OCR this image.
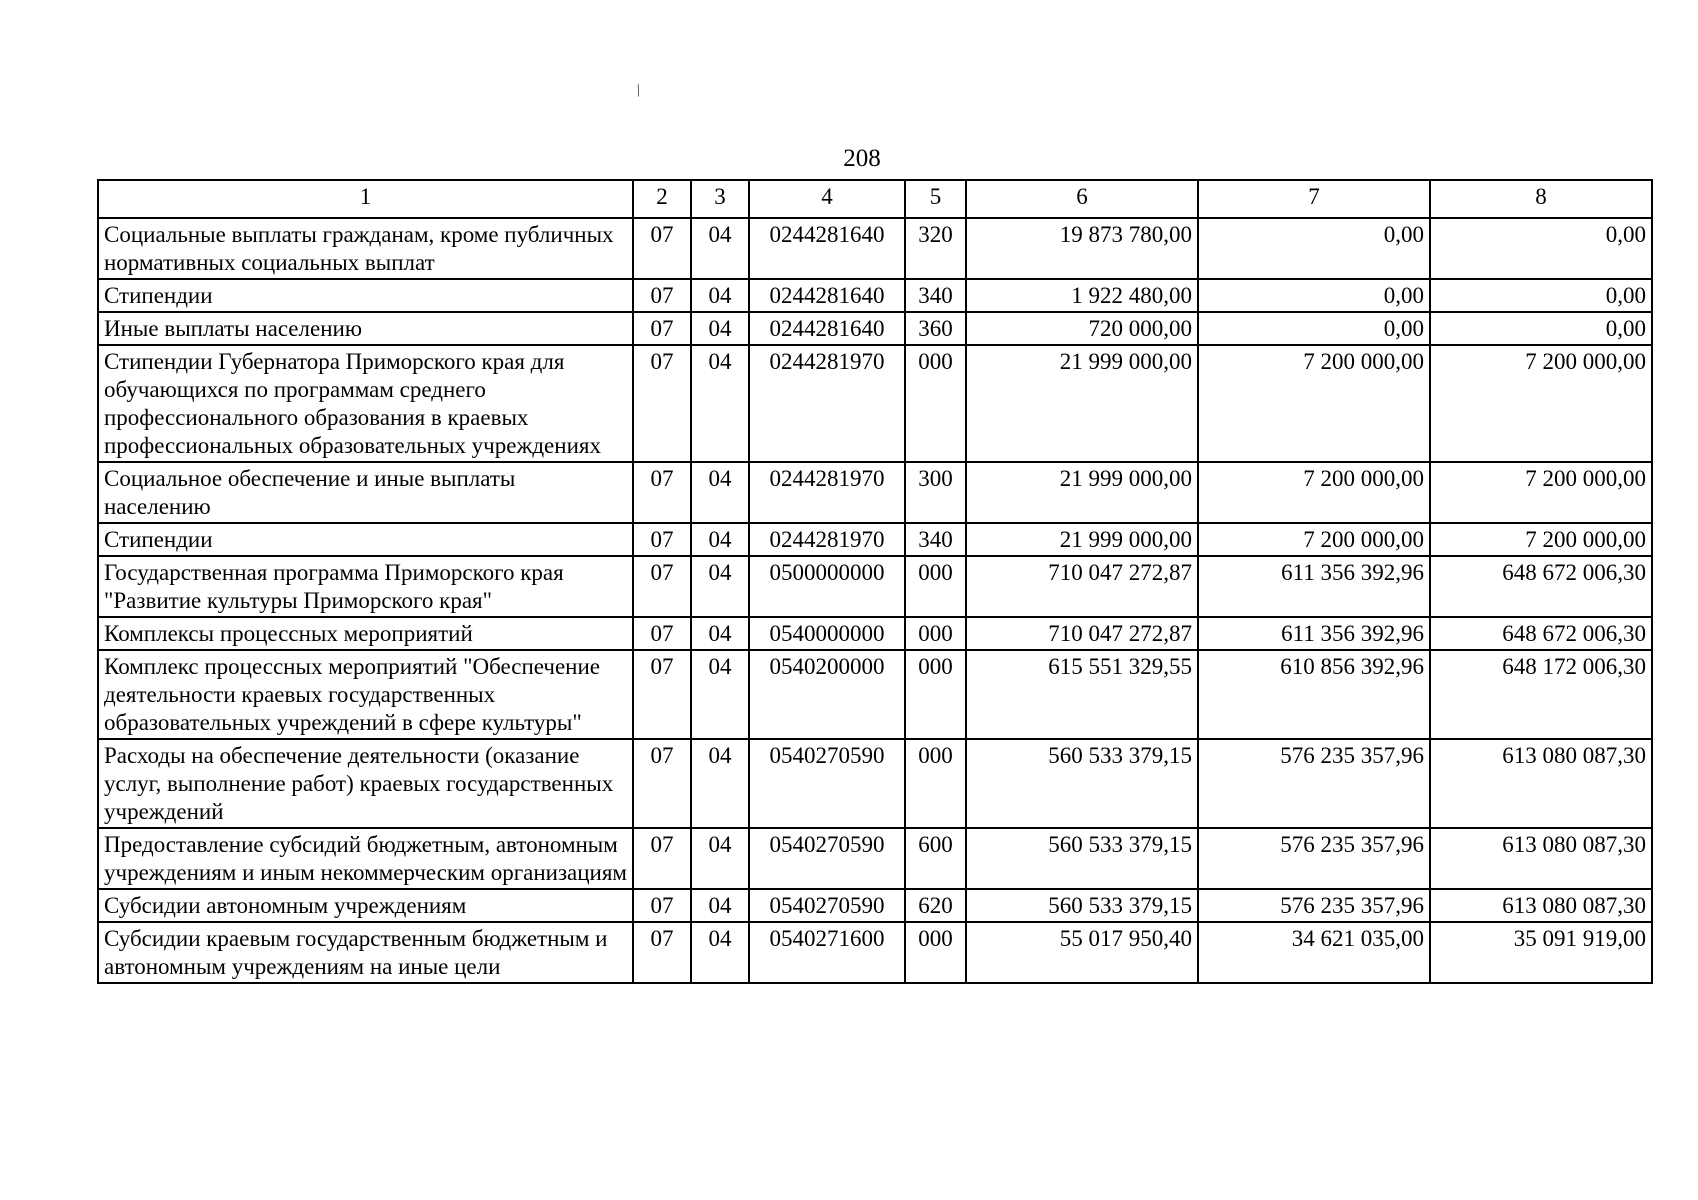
/
208
1	2	3	4	5	6	7	8
Социальные выплаты гражданам, кроме публичных нормативных социальных выплат	07	04	0244281640	320	19 873 780,00	0,00	0,00
Стипендии	07	04	0244281640	340	1 922 480,00	0,00	0,00
Иные выплаты населению	07	04	0244281640	360	720 000,00	0,00	0,00
Стипендии Губернатора Приморского края для обучающихся по программам среднего профессионального образования в краевых профессиональных образовательных учреждениях	07	04	0244281970	000	21 999 000,00	7 200 000,00	7 200 000,00
Социальное обеспечение и иные выплаты населению	07	04	0244281970	300	21 999 000,00	7 200 000,00	7 200 000,00
Стипендии	07	04	0244281970	340	21 999 000,00	7 200 000,00	7 200 000,00
Государственная программа Приморского края "Развитие культуры Приморского края"	07	04	0500000000	000	710 047 272,87	611 356 392,96	648 672 006,30
Комплексы процессных мероприятий	07	04	0540000000	000	710 047 272,87	611 356 392,96	648 672 006,30
Комплекс процессных мероприятий "Обеспечение деятельности краевых государственных образовательных учреждений в сфере культуры"	07	04	0540200000	000	615 551 329,55	610 856 392,96	648 172 006,30
Расходы на обеспечение деятельности (оказание услуг, выполнение работ) краевых государственных учреждений	07	04	0540270590	000	560 533 379,15	576 235 357,96	613 080 087,30
Предоставление субсидий бюджетным, автономным учреждениям и иным некоммерческим организациям	07	04	0540270590	600	560 533 379,15	576 235 357,96	613 080 087,30
Субсидии автономным учреждениям	07	04	0540270590	620	560 533 379,15	576 235 357,96	613 080 087,30
Субсидии краевым государственным бюджетным и автономным учреждениям на иные цели	07	04	0540271600	000	55 017 950,40	34 621 035,00	35 091 919,00
